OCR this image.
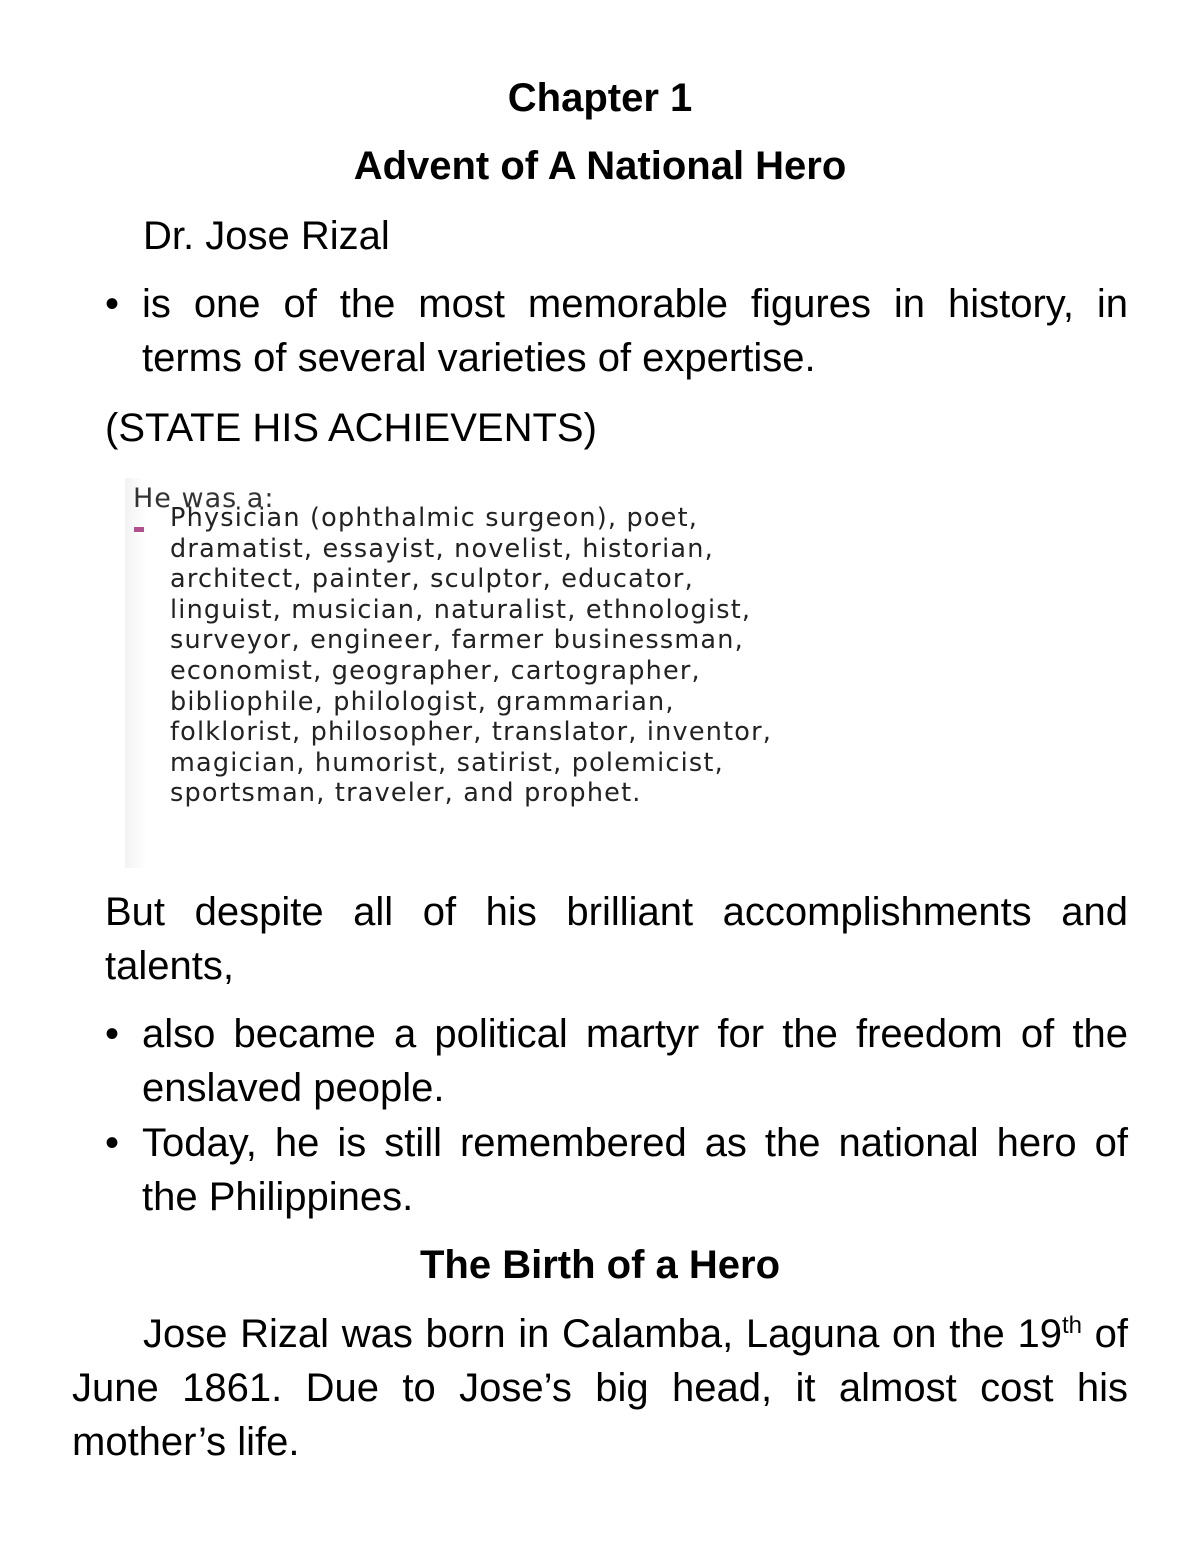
Chapter 1
Advent of A National Hero
Dr. Jose Rizal
• is one of the most memorable figures in history, in terms of several varieties of expertise.
(STATE HIS ACHIEVENTS)
He was a:
Physician (ophthalmic surgeon), poet,
dramatist, essayist, novelist, historian,
architect, painter, sculptor, educator,
linguist, musician, naturalist, ethnologist,
surveyor, engineer, farmer businessman,
economist, geographer, cartographer,
bibliophile, philologist, grammarian,
folklorist, philosopher, translator, inventor,
magician, humorist, satirist, polemicist,
sportsman, traveler, and prophet.
But despite all of his brilliant accomplishments and talents,
• also became a political martyr for the freedom of the enslaved people.
• Today, he is still remembered as the national hero of the Philippines.
The Birth of a Hero
Jose Rizal was born in Calamba, Laguna on the 19th of June 1861. Due to Jose’s big head, it almost cost his mother’s life.
